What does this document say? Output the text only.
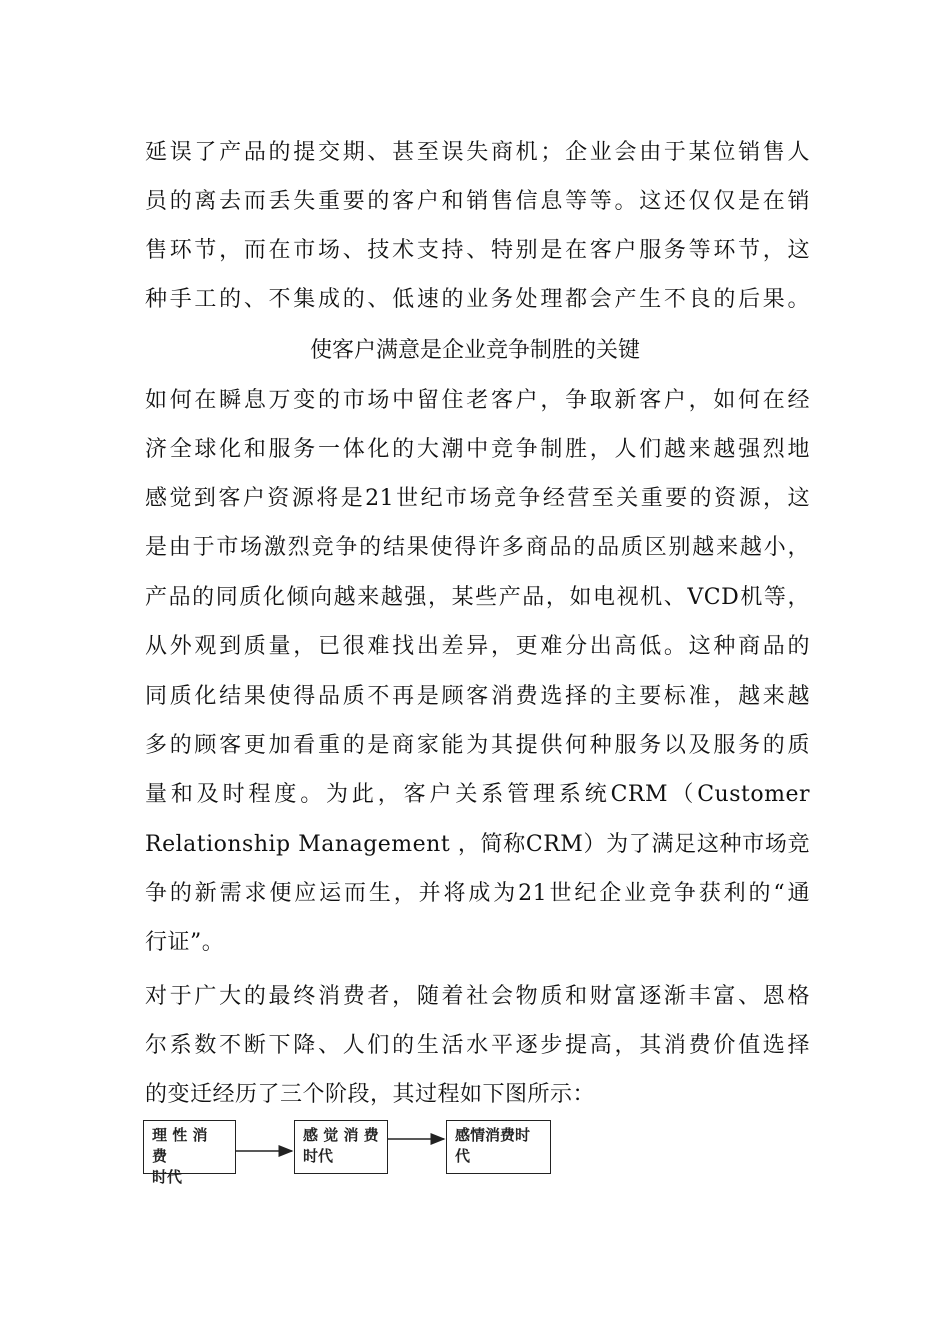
延误了产品的提交期、甚至误失商机；企业会由于某位销售人
员的离去而丢失重要的客户和销售信息等等。这还仅仅是在销
售环节，而在市场、技术支持、特别是在客户服务等环节，这
种手工的、不集成的、低速的业务处理都会产生不良的后果。
使客户满意是企业竞争制胜的关键
如何在瞬息万变的市场中留住老客户，争取新客户，如何在经
济全球化和服务一体化的大潮中竞争制胜，人们越来越强烈地
感觉到客户资源将是21世纪市场竞争经营至关重要的资源，这
是由于市场激烈竞争的结果使得许多商品的品质区别越来越小，
产品的同质化倾向越来越强，某些产品，如电视机、VCD机等，
从外观到质量，已很难找出差异，更难分出高低。这种商品的
同质化结果使得品质不再是顾客消费选择的主要标准，越来越
多的顾客更加看重的是商家能为其提供何种服务以及服务的质
量和及时程度。为此，客户关系管理系统CRM（Customer
Relationship Management ，简称CRM）为了满足这种市场竞
争的新需求便应运而生，并将成为21世纪企业竞争获利的“通
行证”。
对于广大的最终消费者，随着社会物质和财富逐渐丰富、恩格
尔系数不断下降、人们的生活水平逐步提高，其消费价值选择
的变迁经历了三个阶段，其过程如下图所示：
理 性 消 费
时代
感 觉 消 费
时代
感情消费时
代
